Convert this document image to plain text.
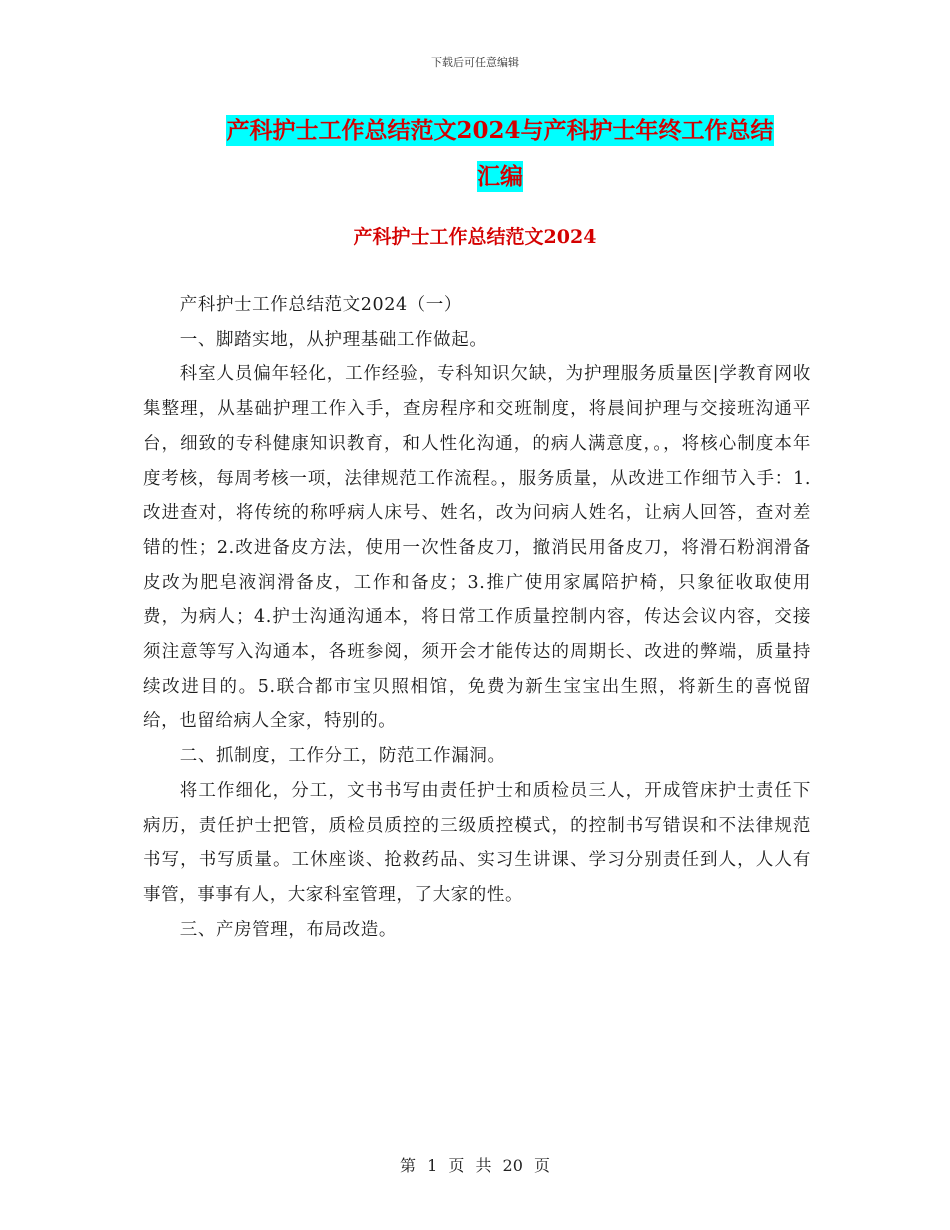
下载后可任意编辑
产科护士工作总结范文2024与产科护士年终工作总结
汇编
产科护士工作总结范文2024

产科护士工作总结范文2024（一）

一、脚踏实地，从护理基础工作做起。

科室人员偏年轻化，工作经验，专科知识欠缺，为护理服务质量医|学教育网收集整理，从基础护理工作入手，查房程序和交班制度，将晨间护理与交接班沟通平台，细致的专科健康知识教育，和人性化沟通，的病人满意度，。，将核心制度本年度考核，每周考核一项，法律规范工作流程。，服务质量，从改进工作细节入手：1.改进查对，将传统的称呼病人床号、姓名，改为问病人姓名，让病人回答，查对差错的性；2.改进备皮方法，使用一次性备皮刀，撤消民用备皮刀，将滑石粉润滑备皮改为肥皂液润滑备皮，工作和备皮；3.推广使用家属陪护椅，只象征收取使用费，为病人；4.护士沟通沟通本，将日常工作质量控制内容，传达会议内容，交接须注意等写入沟通本，各班参阅，须开会才能传达的周期长、改进的弊端，质量持续改进目的。5.联合都市宝贝照相馆，免费为新生宝宝出生照，将新生的喜悦留给，也留给病人全家，特别的。

二、抓制度，工作分工，防范工作漏洞。

将工作细化，分工，文书书写由责任护士和质检员三人，开成管床护士责任下病历，责任护士把管，质检员质控的三级质控模式，的控制书写错误和不法律规范书写，书写质量。工休座谈、抢救药品、实习生讲课、学习分别责任到人，人人有事管，事事有人，大家科室管理，了大家的性。

三、产房管理，布局改造。

第 1 页 共 20 页
